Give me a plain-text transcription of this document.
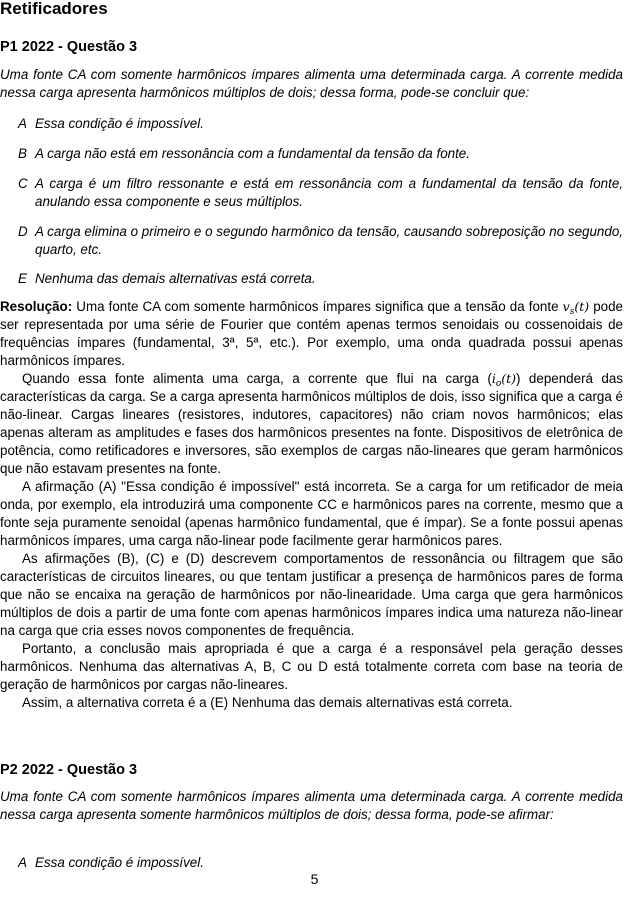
Retificadores
P1 2022 - Questão 3
Uma fonte CA com somente harmônicos ímpares alimenta uma determinada carga. A corrente medida nessa carga apresenta harmônicos múltiplos de dois; dessa forma, pode-se concluir que:
A Essa condição é impossível.
B A carga não está em ressonância com a fundamental da tensão da fonte.
C A carga é um filtro ressonante e está em ressonância com a fundamental da tensão da fonte, anulando essa componente e seus múltiplos.
D A carga elimina o primeiro e o segundo harmônico da tensão, causando sobreposição no segundo, quarto, etc.
E Nenhuma das demais alternativas está correta.

Resolução: Uma fonte CA com somente harmônicos ímpares significa que a tensão da fonte $v_s(t)$ pode ser representada por uma série de Fourier que contém apenas termos senoidais ou cossenoidais de frequências ímpares (fundamental, 3ª, 5ª, etc.). Por exemplo, uma onda quadrada possui apenas harmônicos ímpares.

Quando essa fonte alimenta uma carga, a corrente que flui na carga $(i_o(t))$ dependerá das características da carga. Se a carga apresenta harmônicos múltiplos de dois, isso significa que a carga é não-linear. Cargas lineares (resistores, indutores, capacitores) não criam novos harmônicos; elas apenas alteram as amplitudes e fases dos harmônicos presentes na fonte. Dispositivos de eletrônica de potência, como retificadores e inversores, são exemplos de cargas não-lineares que geram harmônicos que não estavam presentes na fonte.

A afirmação (A) "Essa condição é impossível" está incorreta. Se a carga for um retificador de meia onda, por exemplo, ela introduzirá uma componente CC e harmônicos pares na corrente, mesmo que a fonte seja puramente senoidal (apenas harmônico fundamental, que é ímpar). Se a fonte possui apenas harmônicos ímpares, uma carga não-linear pode facilmente gerar harmônicos pares.

As afirmações (B), (C) e (D) descrevem comportamentos de ressonância ou filtragem que são características de circuitos lineares, ou que tentam justificar a presença de harmônicos pares de forma que não se encaixa na geração de harmônicos por não-linearidade. Uma carga que gera harmônicos múltiplos de dois a partir de uma fonte com apenas harmônicos ímpares indica uma natureza não-linear na carga que cria esses novos componentes de frequência.

Portanto, a conclusão mais apropriada é que a carga é a responsável pela geração desses harmônicos. Nenhuma das alternativas A, B, C ou D está totalmente correta com base na teoria de geração de harmônicos por cargas não-lineares.

Assim, a alternativa correta é a (E) Nenhuma das demais alternativas está correta.

P2 2022 - Questão 3
Uma fonte CA com somente harmônicos ímpares alimenta uma determinada carga. A corrente medida nessa carga apresenta somente harmônicos múltiplos de dois; dessa forma, pode-se afirmar:
A Essa condição é impossível.
5
